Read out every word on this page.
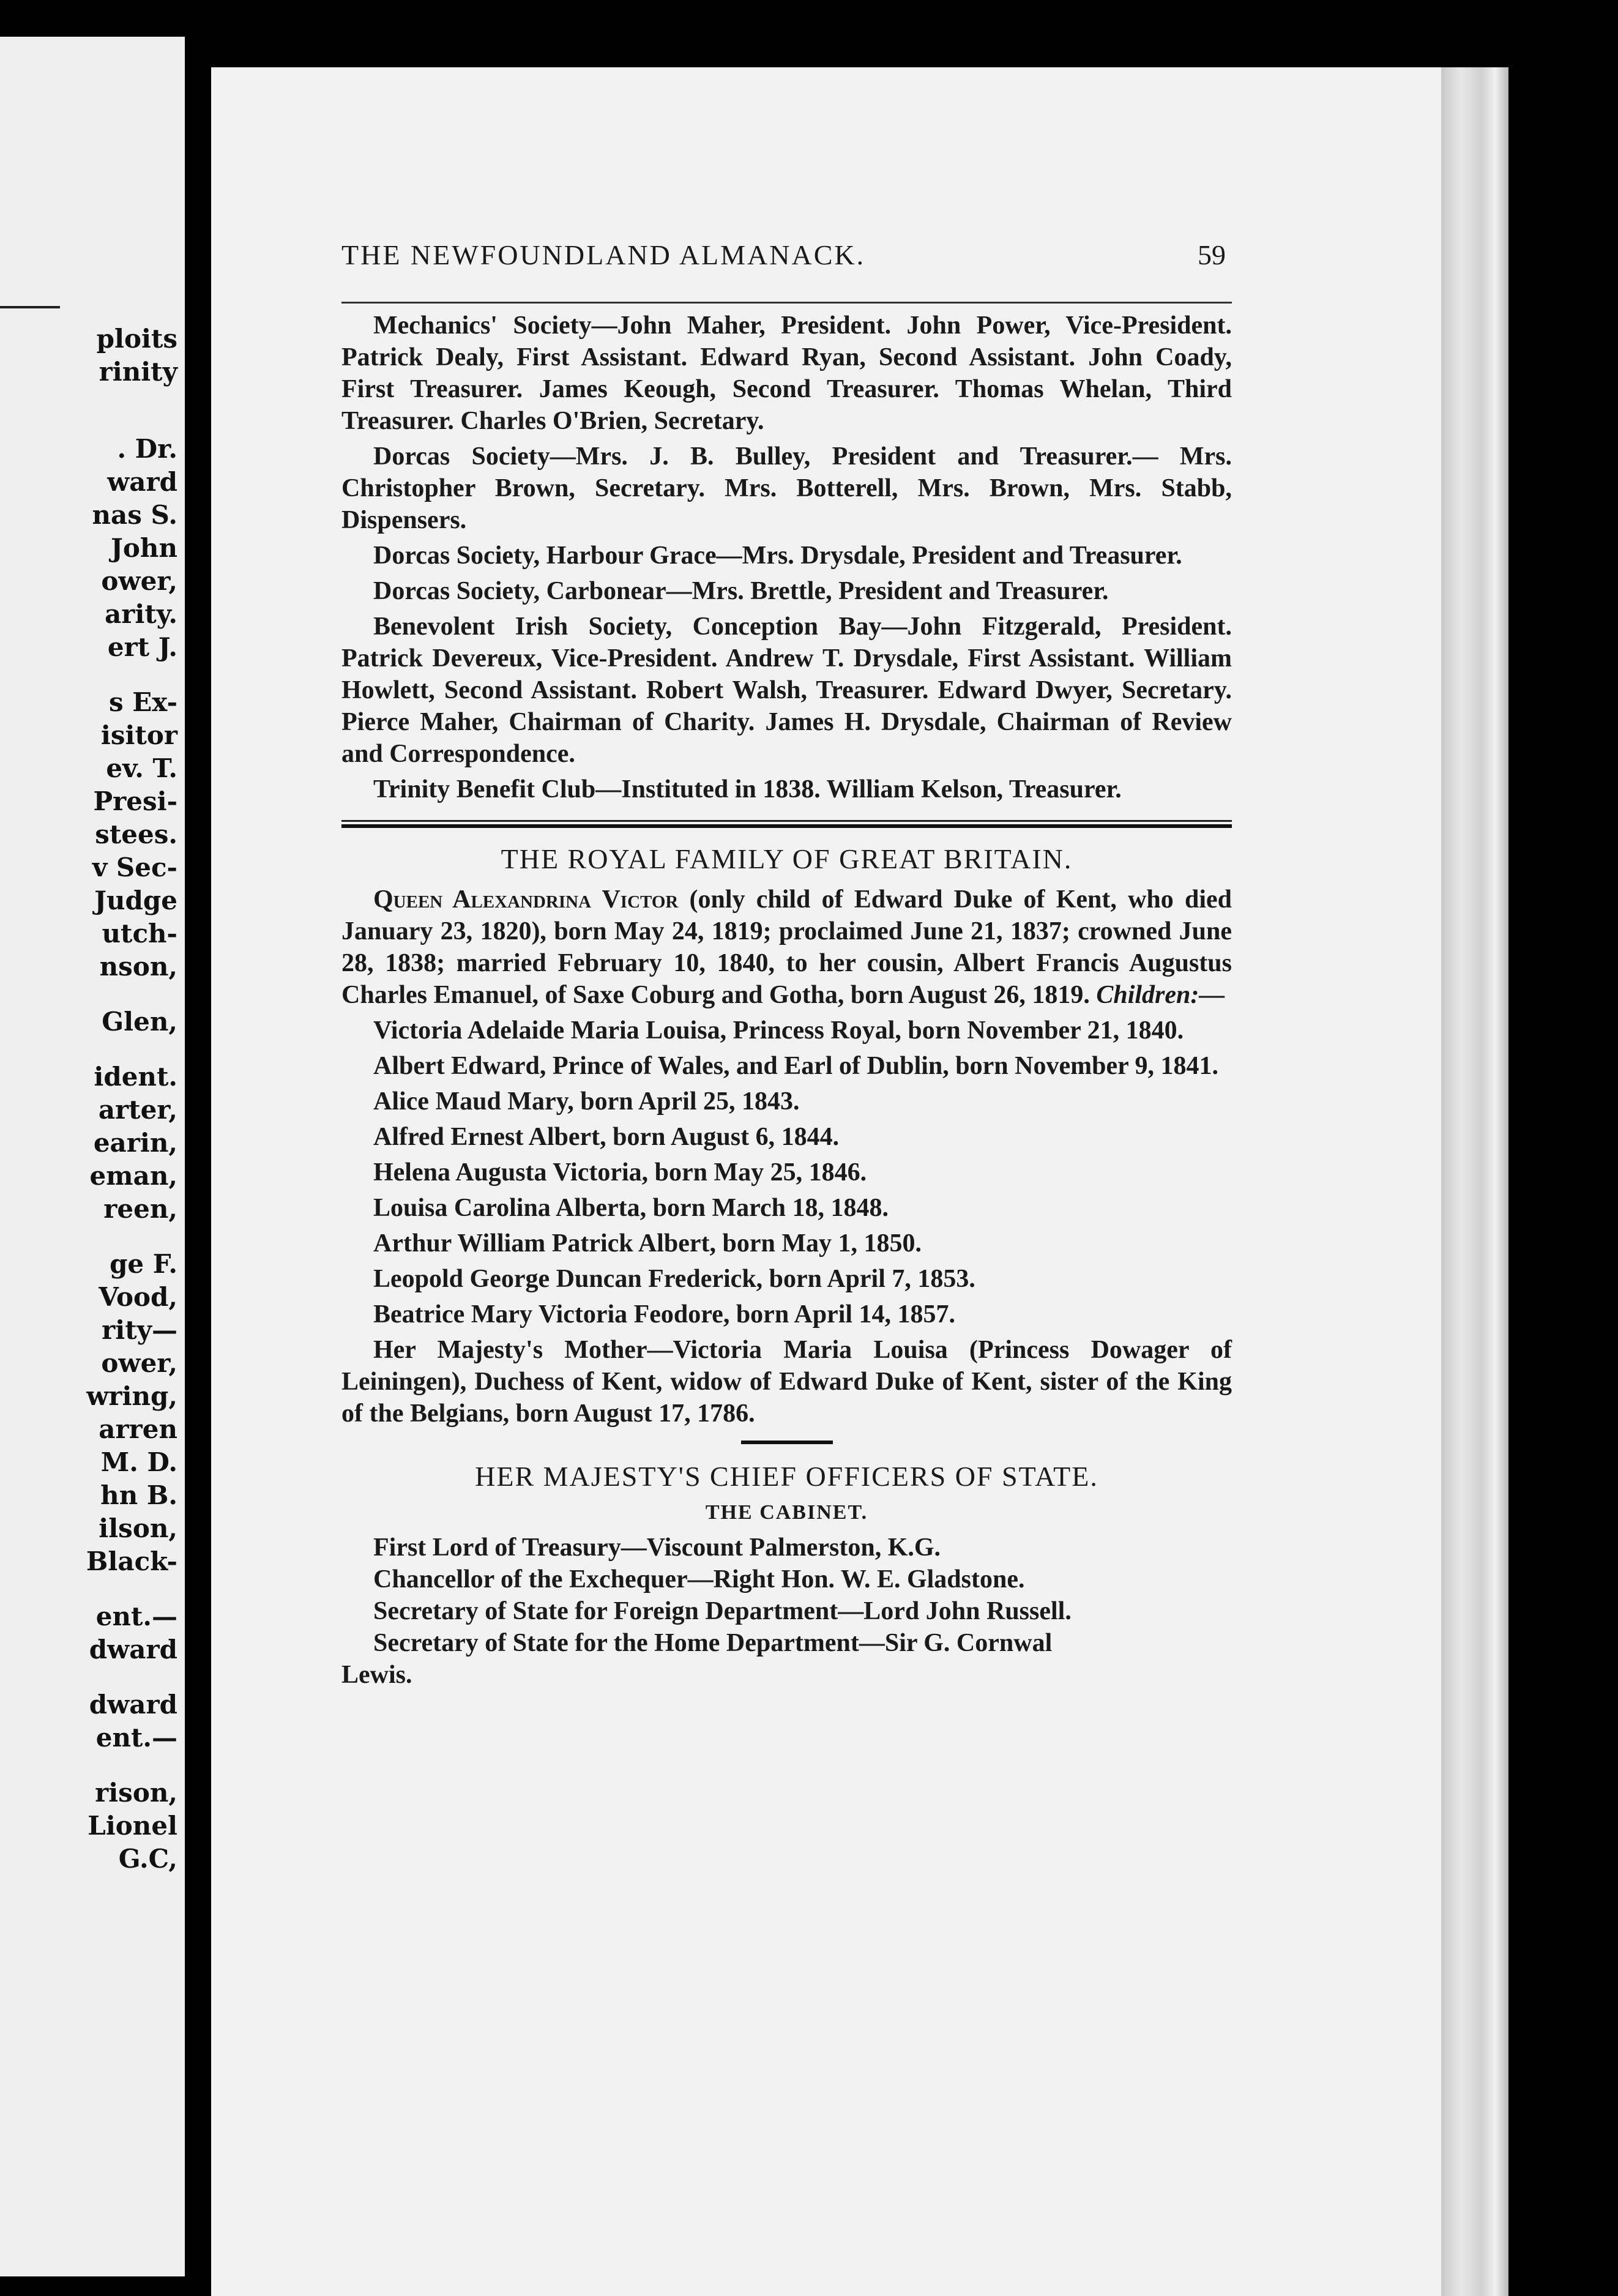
ploits
rinity
. Dr.
ward
nas S.
John
ower,
arity.
ert J.
s Ex-
isitor
ev. T.
Presi-
stees.
v Sec-
Judge
utch-
nson,
Glen,
ident.
arter,
earin,
eman,
reen,
ge F.
Vood,
rity—
ower,
wring,
arren
M. D.
hn B.
ilson,
Black-
ent.—
dward
dward
ent.—
rison,
Lionel
G.C,
THE NEWFOUNDLAND ALMANACK.	59

Mechanics' Society—John Maher, President. John Power, Vice-President. Patrick Dealy, First Assistant. Edward Ryan, Second Assistant. John Coady, First Treasurer. James Keough, Second Treasurer. Thomas Whelan, Third Treasurer. Charles O'Brien, Secretary.

Dorcas Society—Mrs. J. B. Bulley, President and Treasurer.— Mrs. Christopher Brown, Secretary. Mrs. Botterell, Mrs. Brown, Mrs. Stabb, Dispensers.

Dorcas Society, Harbour Grace—Mrs. Drysdale, President and Treasurer.

Dorcas Society, Carbonear—Mrs. Brettle, President and Treasurer.

Benevolent Irish Society, Conception Bay—John Fitzgerald, President. Patrick Devereux, Vice-President. Andrew T. Drysdale, First Assistant. William Howlett, Second Assistant. Robert Walsh, Treasurer. Edward Dwyer, Secretary. Pierce Maher, Chairman of Charity. James H. Drysdale, Chairman of Review and Correspondence.

Trinity Benefit Club—Instituted in 1838. William Kelson, Treasurer.

THE ROYAL FAMILY OF GREAT BRITAIN.

Queen Alexandrina Victor (only child of Edward Duke of Kent, who died January 23, 1820), born May 24, 1819; proclaimed June 21, 1837; crowned June 28, 1838; married February 10, 1840, to her cousin, Albert Francis Augustus Charles Emanuel, of Saxe Coburg and Gotha, born August 26, 1819. Children:—

Victoria Adelaide Maria Louisa, Princess Royal, born November 21, 1840.

Albert Edward, Prince of Wales, and Earl of Dublin, born November 9, 1841.

Alice Maud Mary, born April 25, 1843.

Alfred Ernest Albert, born August 6, 1844.

Helena Augusta Victoria, born May 25, 1846.

Louisa Carolina Alberta, born March 18, 1848.

Arthur William Patrick Albert, born May 1, 1850.

Leopold George Duncan Frederick, born April 7, 1853.

Beatrice Mary Victoria Feodore, born April 14, 1857.

Her Majesty's Mother—Victoria Maria Louisa (Princess Dowager of Leiningen), Duchess of Kent, widow of Edward Duke of Kent, sister of the King of the Belgians, born August 17, 1786.

HER MAJESTY'S CHIEF OFFICERS OF STATE.
THE CABINET.

First Lord of Treasury—Viscount Palmerston, K.G.

Chancellor of the Exchequer—Right Hon. W. E. Gladstone.

Secretary of State for Foreign Department—Lord John Russell.

Secretary of State for the Home Department—Sir G. Cornwal

Lewis.
